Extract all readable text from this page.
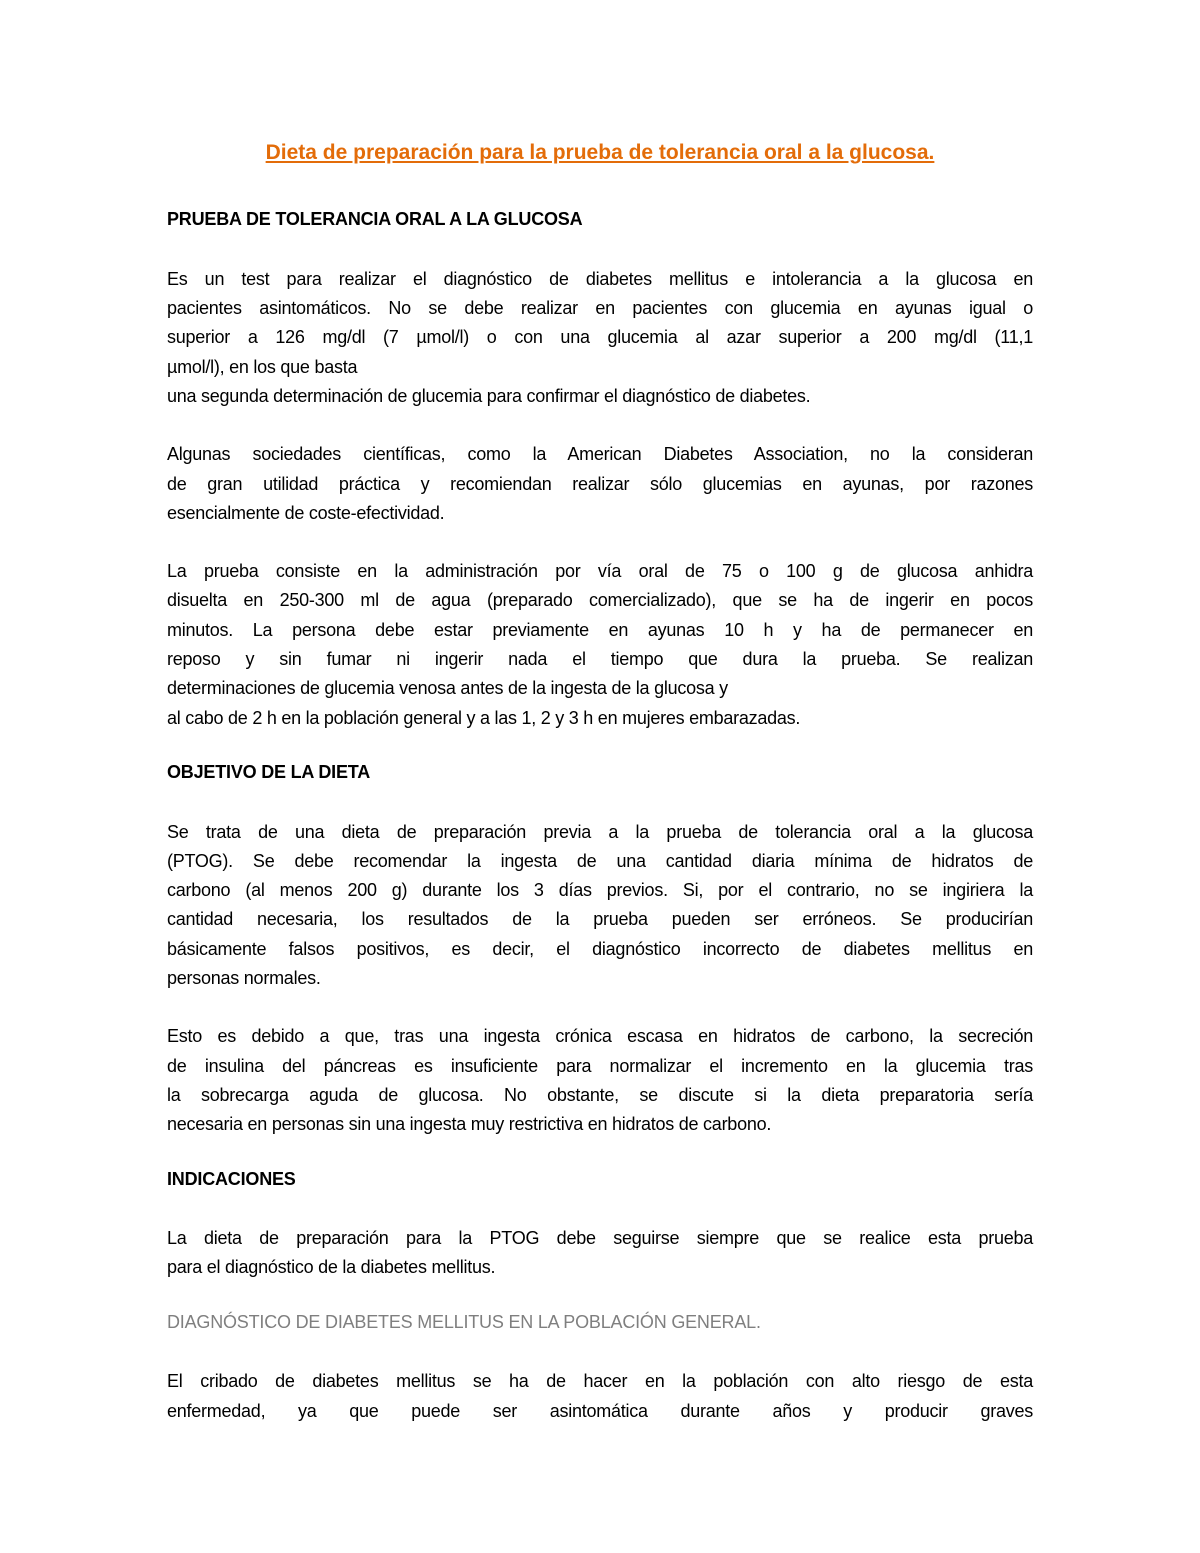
Dieta de preparación para la prueba de tolerancia oral a la glucosa.
PRUEBA DE TOLERANCIA ORAL A LA GLUCOSA
Es un test para realizar el diagnóstico de diabetes mellitus e intolerancia a la glucosa en
pacientes asintomáticos. No se debe realizar en pacientes con glucemia en ayunas igual o
superior a 126 mg/dl (7 µmol/l) o con una glucemia al azar superior a 200 mg/dl (11,1
µmol/l), en los que basta
una segunda determinación de glucemia para confirmar el diagnóstico de diabetes.
Algunas sociedades científicas, como la American Diabetes Association, no la consideran
de gran utilidad práctica y recomiendan realizar sólo glucemias en ayunas, por razones
esencialmente de coste-efectividad.
La prueba consiste en la administración por vía oral de 75 o 100 g de glucosa anhidra
disuelta en 250-300 ml de agua (preparado comercializado), que se ha de ingerir en pocos
minutos. La persona debe estar previamente en ayunas 10 h y ha de permanecer en
reposo y sin fumar ni ingerir nada el tiempo que dura la prueba. Se realizan
determinaciones de glucemia venosa antes de la ingesta de la glucosa y
al cabo de 2 h en la población general y a las 1, 2 y 3 h en mujeres embarazadas.
OBJETIVO DE LA DIETA
Se trata de una dieta de preparación previa a la prueba de tolerancia oral a la glucosa
(PTOG). Se debe recomendar la ingesta de una cantidad diaria mínima de hidratos de
carbono (al menos 200 g) durante los 3 días previos. Si, por el contrario, no se ingiriera la
cantidad necesaria, los resultados de la prueba pueden ser erróneos. Se producirían
básicamente falsos positivos, es decir, el diagnóstico incorrecto de diabetes mellitus en
personas normales.
Esto es debido a que, tras una ingesta crónica escasa en hidratos de carbono, la secreción
de insulina del páncreas es insuficiente para normalizar el incremento en la glucemia tras
la sobrecarga aguda de glucosa. No obstante, se discute si la dieta preparatoria sería
necesaria en personas sin una ingesta muy restrictiva en hidratos de carbono.
INDICACIONES
La dieta de preparación para la PTOG debe seguirse siempre que se realice esta prueba
para el diagnóstico de la diabetes mellitus.
DIAGNÓSTICO DE DIABETES MELLITUS EN LA POBLACIÓN GENERAL.
El cribado de diabetes mellitus se ha de hacer en la población con alto riesgo de esta
enfermedad, ya que puede ser asintomática durante años y producir graves
